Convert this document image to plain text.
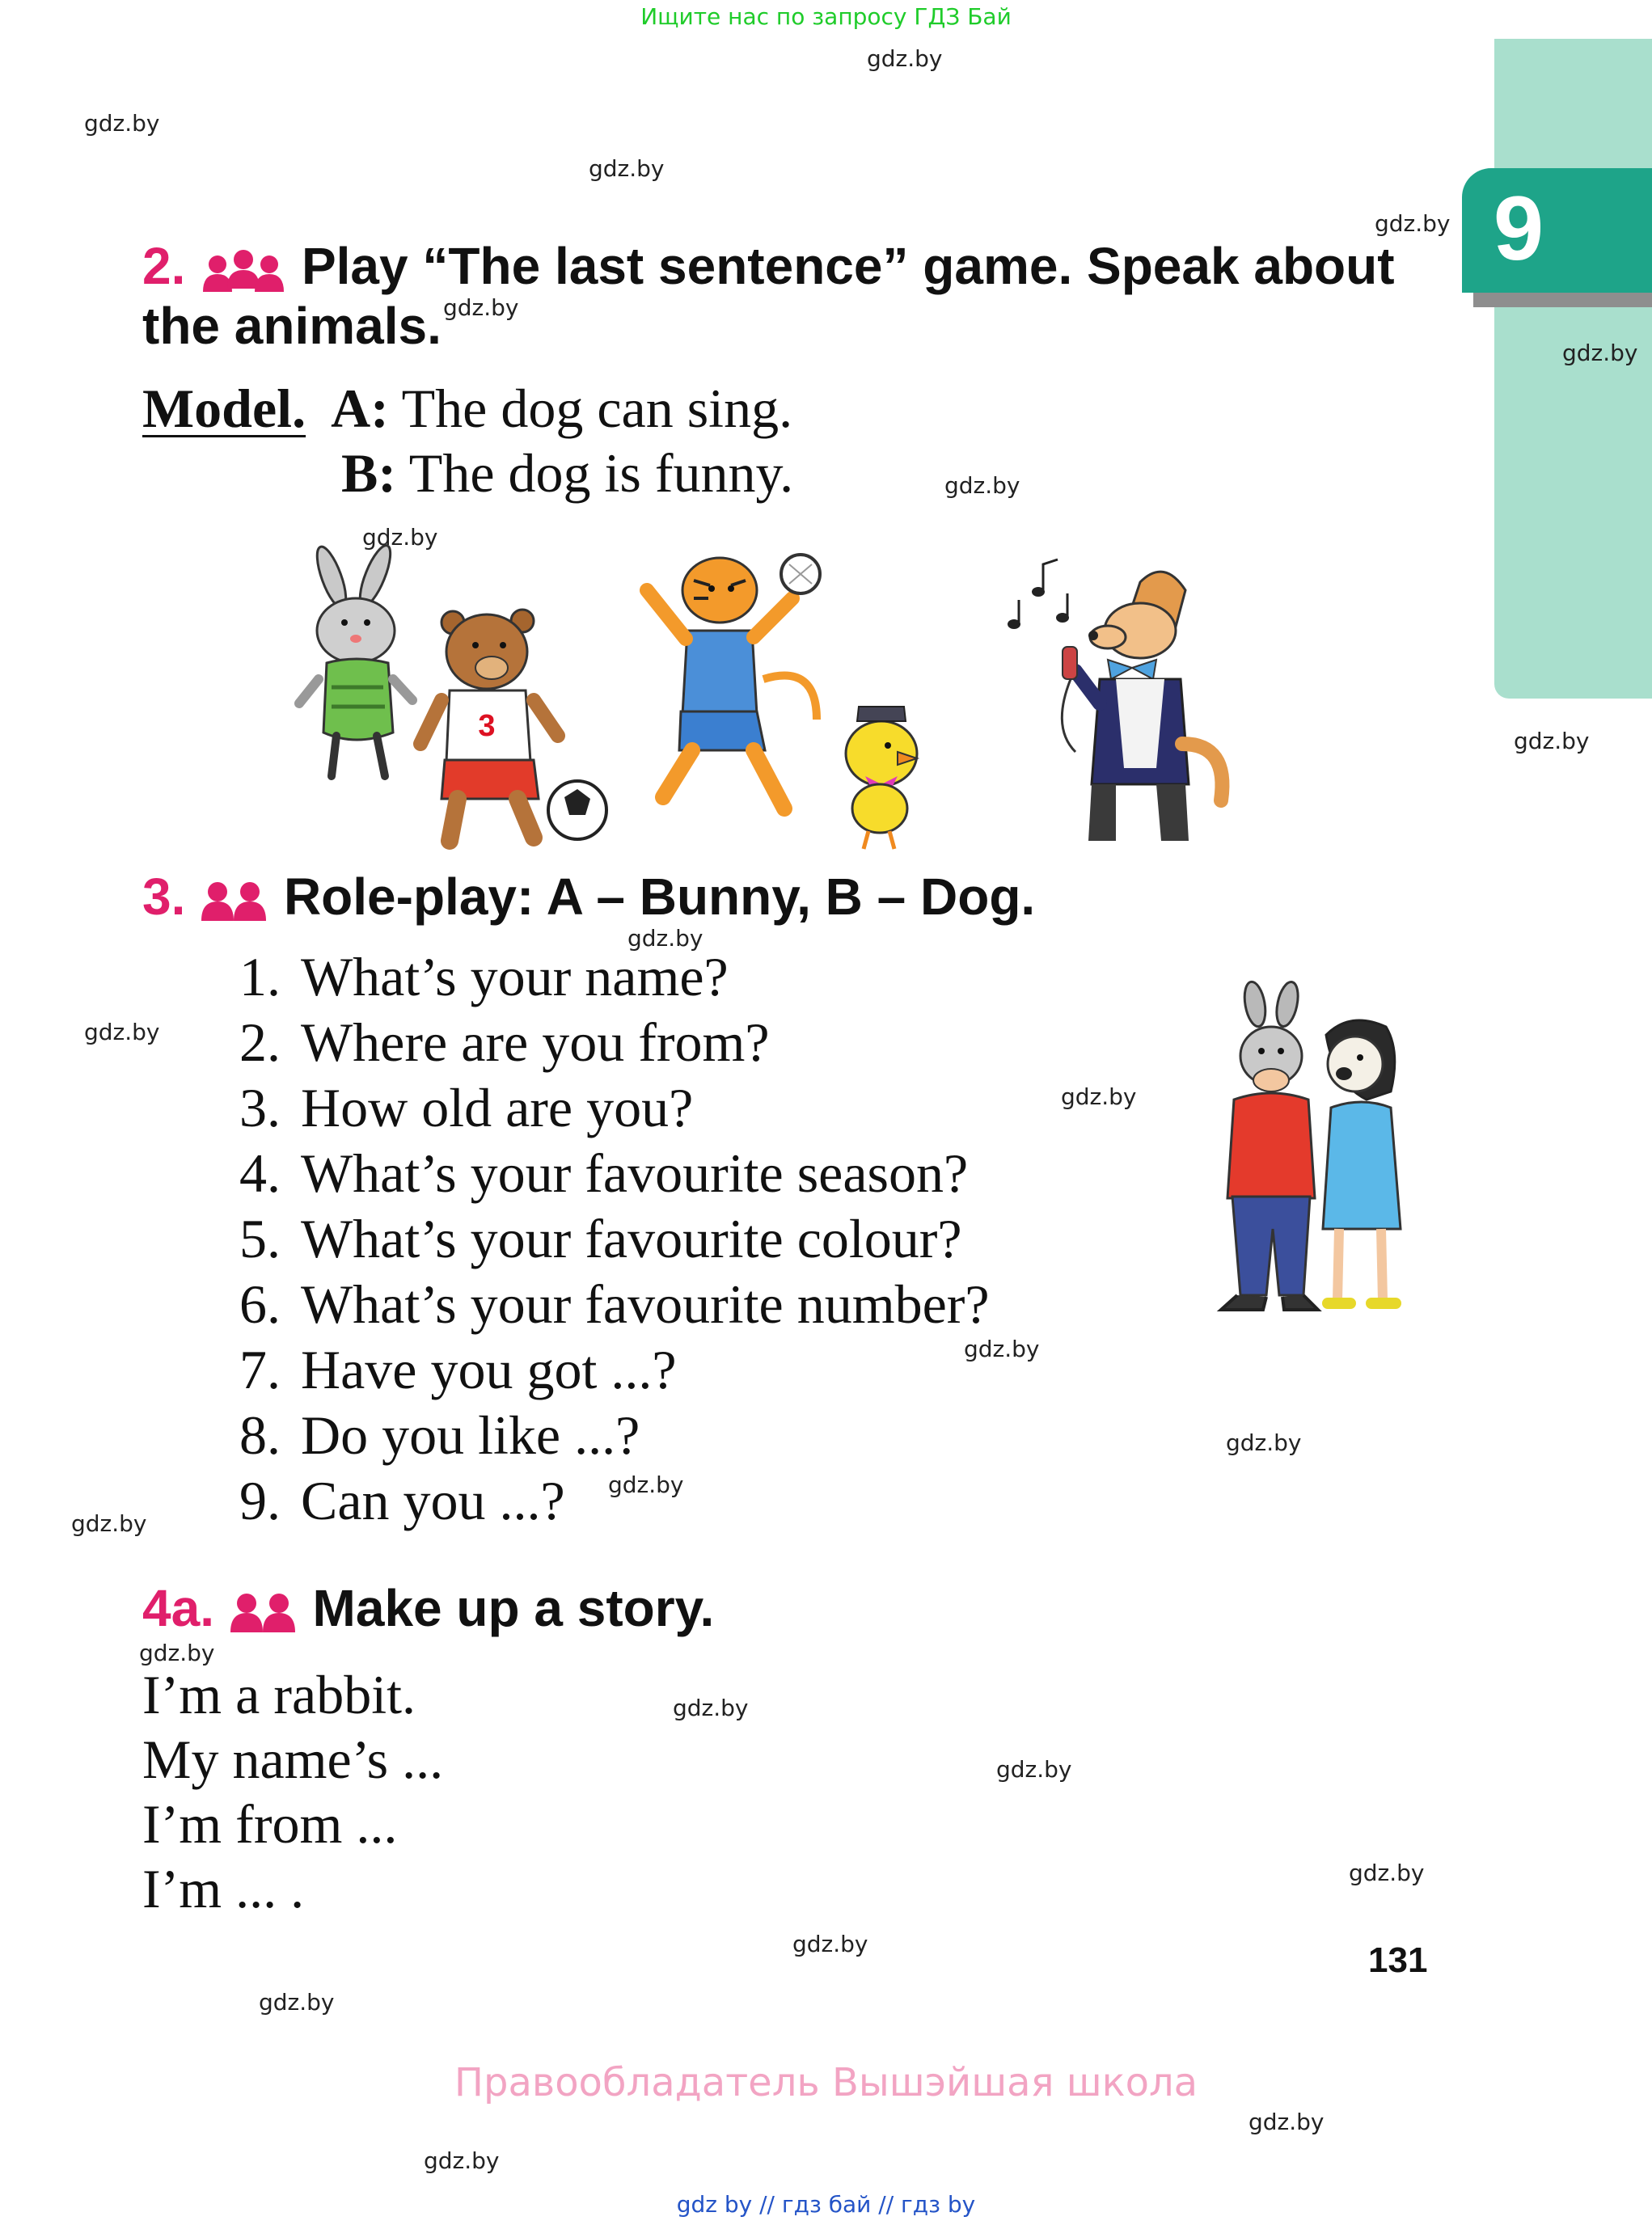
Ищите нас по запросу ГДЗ Бай
9
gdz.by
gdz.by
gdz.by
gdz.by
gdz.by
gdz.by
gdz.by
gdz.by
gdz.by
gdz.by
gdz.by
gdz.by
gdz.by
gdz.by
gdz.by
gdz.by
gdz.by
gdz.by
gdz.by
gdz.by
gdz.by
gdz.by
gdz.by
gdz.by
2. Play “The last sentence” game. Speak about
the animals.
Model. A: The dog can sing.
B: The dog is funny.
3
3. Role-play: A – Bunny, B – Dog.
1. What’s your name?
2. Where are you from?
3. How old are you?
4. What’s your favourite season?
5. What’s your favourite colour?
6. What’s your favourite number?
7. Have you got ...?
8. Do you like ...?
9. Can you ...?
4a. Make up a story.
I’m a rabbit.
My name’s ...
I’m from ...
I’m ... .
131
Правообладатель Вышэйшая школа
gdz by // гдз бай // гдз by
